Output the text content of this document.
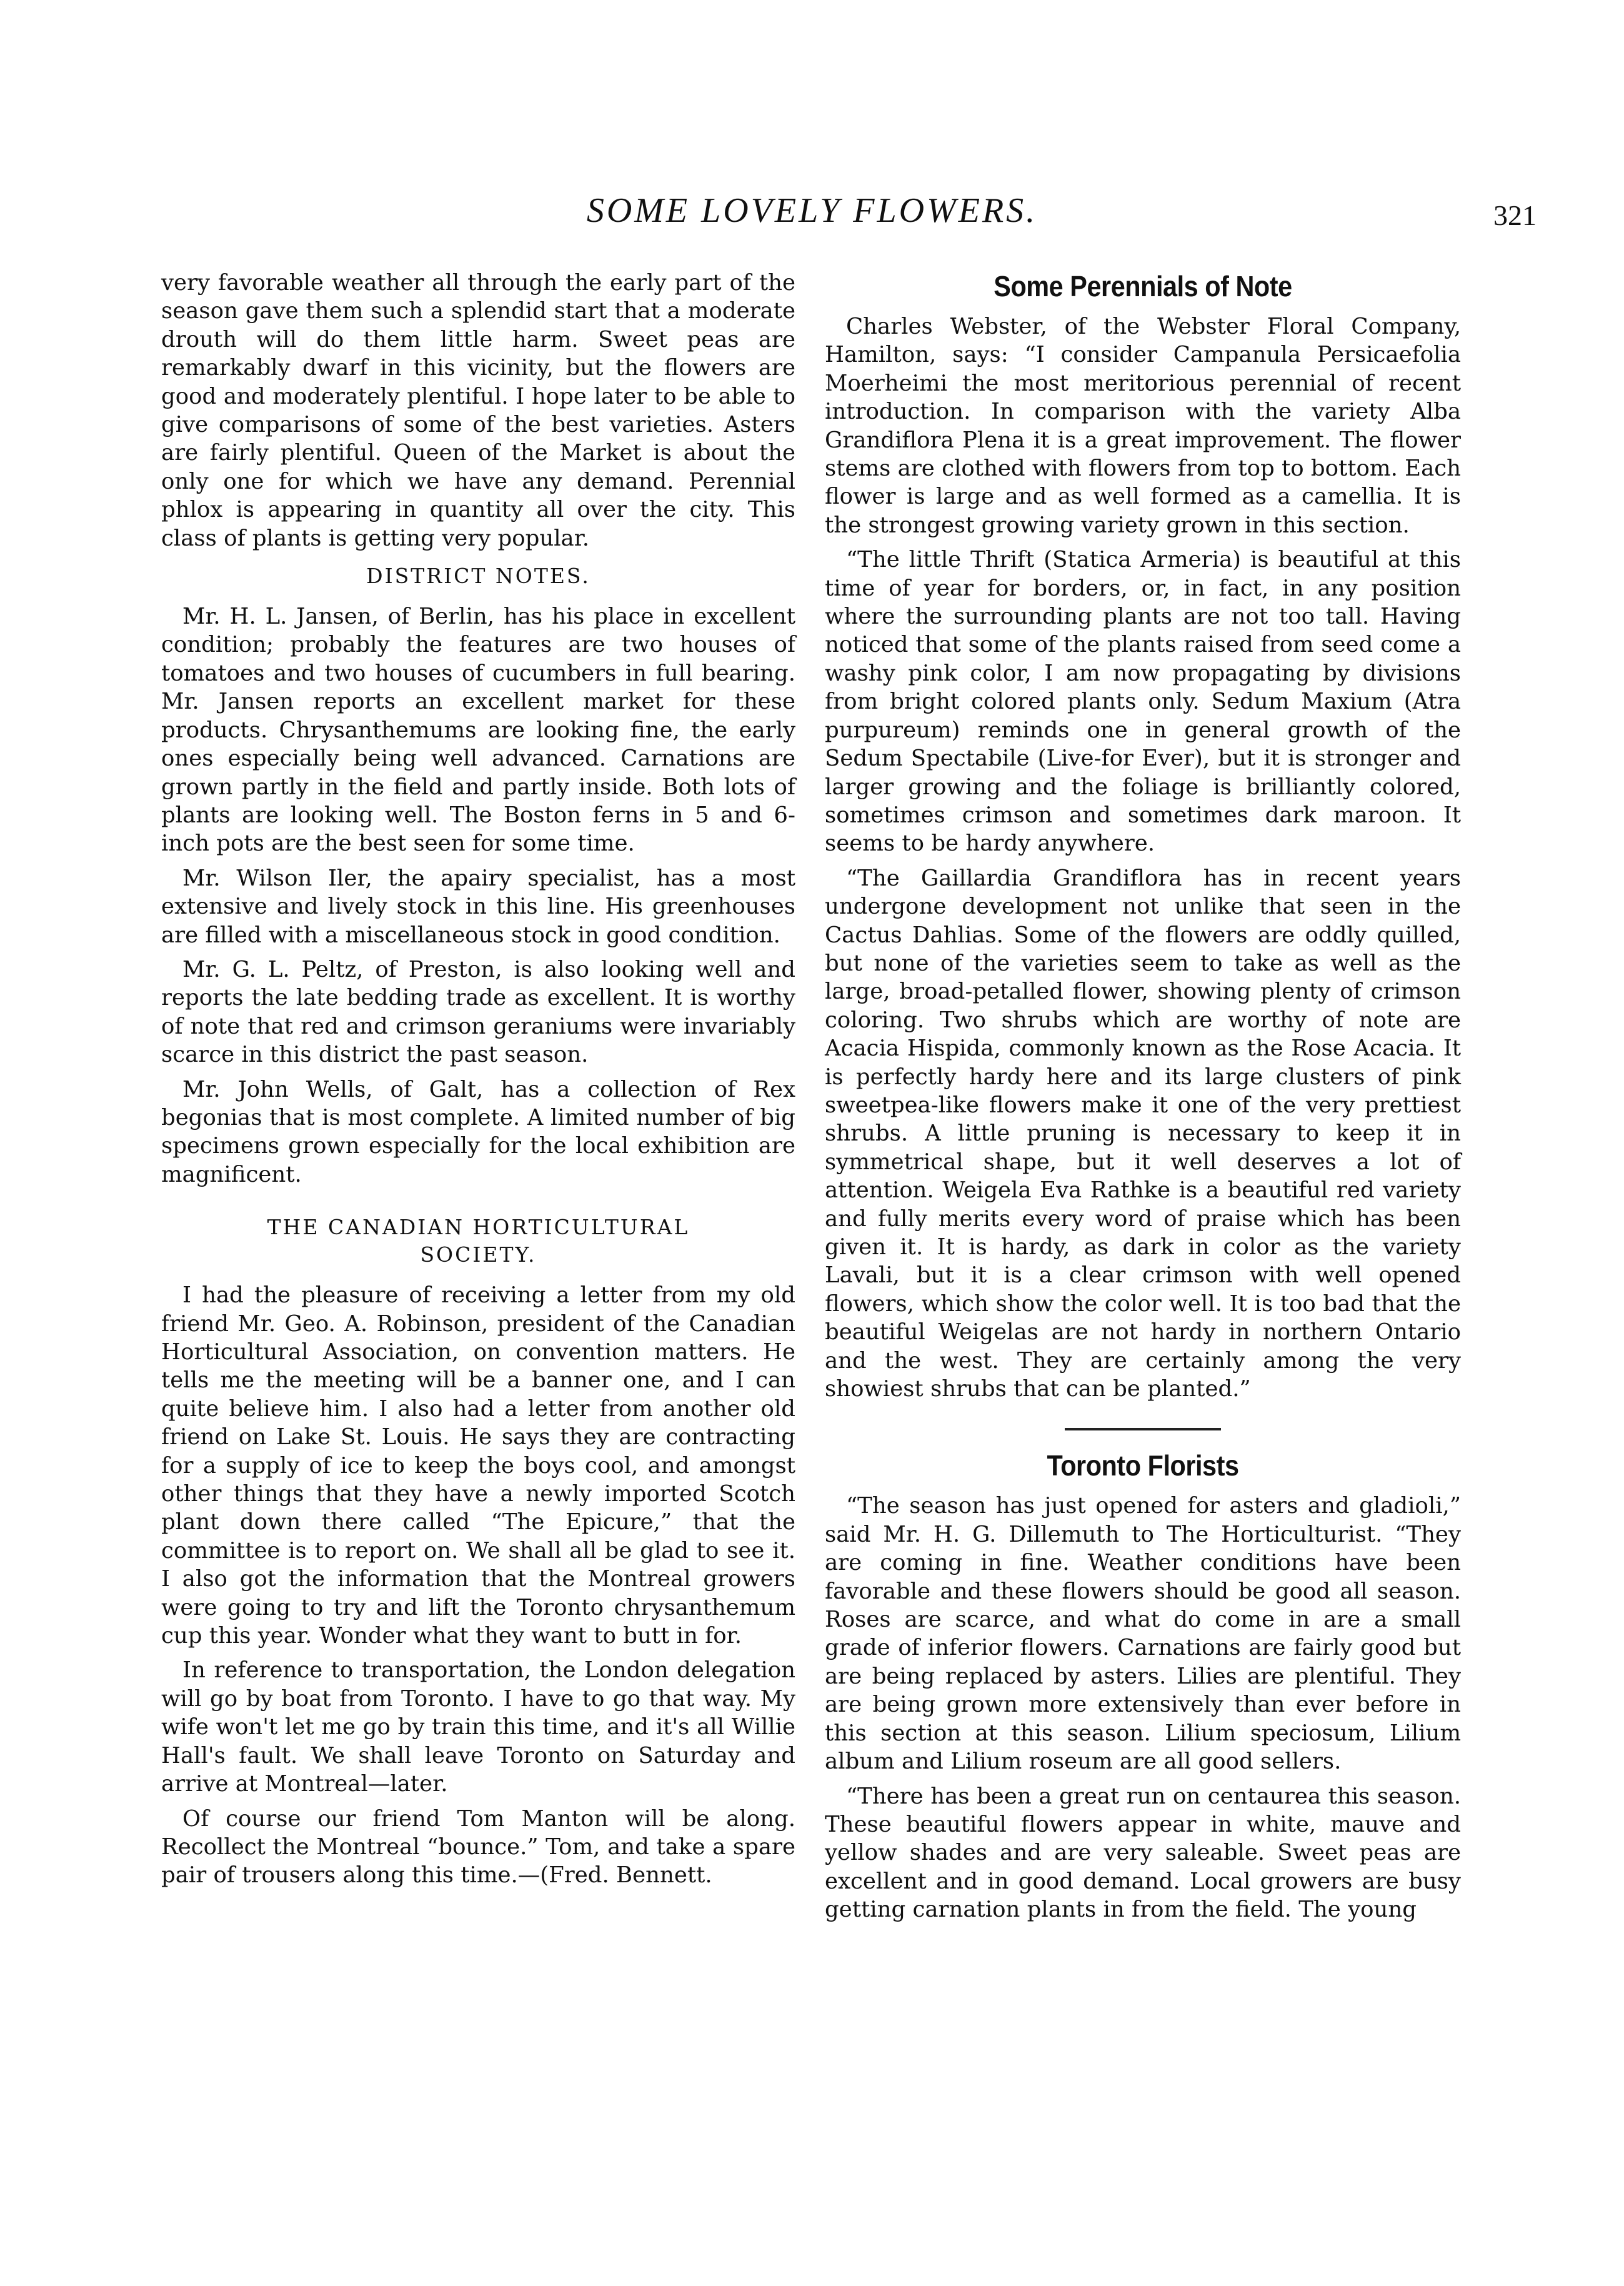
SOME LOVELY FLOWERS.	321

very favorable weather all through the early part of the season gave them such a splendid start that a moderate drouth will do them little harm. Sweet peas are remarkably dwarf in this vicinity, but the flowers are good and moderately plentiful. I hope later to be able to give comparisons of some of the best varieties. Asters are fairly plentiful. Queen of the Market is about the only one for which we have any demand. Perennial phlox is appearing in quantity all over the city. This class of plants is getting very popular.

DISTRICT NOTES.

Mr. H. L. Jansen, of Berlin, has his place in excellent condition; probably the features are two houses of tomatoes and two houses of cucumbers in full bearing. Mr. Jansen reports an excellent market for these products. Chrysanthemums are looking fine, the early ones especially being well advanced. Carnations are grown partly in the field and partly inside. Both lots of plants are looking well. The Boston ferns in 5 and 6-inch pots are the best seen for some time.

Mr. Wilson Iler, the apairy specialist, has a most extensive and lively stock in this line. His greenhouses are filled with a miscellaneous stock in good condition.

Mr. G. L. Peltz, of Preston, is also looking well and reports the late bedding trade as excellent. It is worthy of note that red and crimson geraniums were invariably scarce in this district the past season.

Mr. John Wells, of Galt, has a collection of Rex begonias that is most complete. A limited number of big specimens grown especially for the local exhibition are magnificent.

THE CANADIAN HORTICULTURAL
SOCIETY.

I had the pleasure of receiving a letter from my old friend Mr. Geo. A. Robinson, president of the Canadian Horticultural Association, on convention matters. He tells me the meeting will be a banner one, and I can quite believe him. I also had a letter from another old friend on Lake St. Louis. He says they are contracting for a supply of ice to keep the boys cool, and amongst other things that they have a newly imported Scotch plant down there called “The Epicure,” that the committee is to report on. We shall all be glad to see it. I also got the information that the Montreal growers were going to try and lift the Toronto chrysanthemum cup this year. Wonder what they want to butt in for.

In reference to transportation, the London delegation will go by boat from Toronto. I have to go that way. My wife won't let me go by train this time, and it's all Willie Hall's fault. We shall leave Toronto on Saturday and arrive at Montreal—later.

Of course our friend Tom Manton will be along. Recollect the Montreal “bounce.” Tom, and take a spare pair of trousers along this time.—(Fred. Bennett.

Some Perennials of Note

Charles Webster, of the Webster Floral Company, Hamilton, says: “I consider Campanula Persicaefolia Moerheimi the most meritorious perennial of recent introduction. In comparison with the variety Alba Grandiflora Plena it is a great improvement. The flower stems are clothed with flowers from top to bottom. Each flower is large and as well formed as a camellia. It is the strongest growing variety grown in this section.

“The little Thrift (Statica Armeria) is beautiful at this time of year for borders, or, in fact, in any position where the surrounding plants are not too tall. Having noticed that some of the plants raised from seed come a washy pink color, I am now propagating by divisions from bright colored plants only. Sedum Maxium (Atra purpureum) reminds one in general growth of the Sedum Spectabile (Live-for Ever), but it is stronger and larger growing and the foliage is brilliantly colored, sometimes crimson and sometimes dark maroon. It seems to be hardy anywhere.

“The Gaillardia Grandiflora has in recent years undergone development not unlike that seen in the Cactus Dahlias. Some of the flowers are oddly quilled, but none of the varieties seem to take as well as the large, broad-petalled flower, showing plenty of crimson coloring. Two shrubs which are worthy of note are Acacia Hispida, commonly known as the Rose Acacia. It is perfectly hardy here and its large clusters of pink sweetpea-like flowers make it one of the very prettiest shrubs. A little pruning is necessary to keep it in symmetrical shape, but it well deserves a lot of attention. Weigela Eva Rathke is a beautiful red variety and fully merits every word of praise which has been given it. It is hardy, as dark in color as the variety Lavali, but it is a clear crimson with well opened flowers, which show the color well. It is too bad that the beautiful Weigelas are not hardy in northern Ontario and the west. They are certainly among the very showiest shrubs that can be planted.”

Toronto Florists

“The season has just opened for asters and gladioli,” said Mr. H. G. Dillemuth to The Horticulturist. “They are coming in fine. Weather conditions have been favorable and these flowers should be good all season. Roses are scarce, and what do come in are a small grade of inferior flowers. Carnations are fairly good but are being replaced by asters. Lilies are plentiful. They are being grown more extensively than ever before in this section at this season. Lilium speciosum, Lilium album and Lilium roseum are all good sellers.

“There has been a great run on centaurea this season. These beautiful flowers appear in white, mauve and yellow shades and are very saleable. Sweet peas are excellent and in good demand. Local growers are busy getting carnation plants in from the field. The young
